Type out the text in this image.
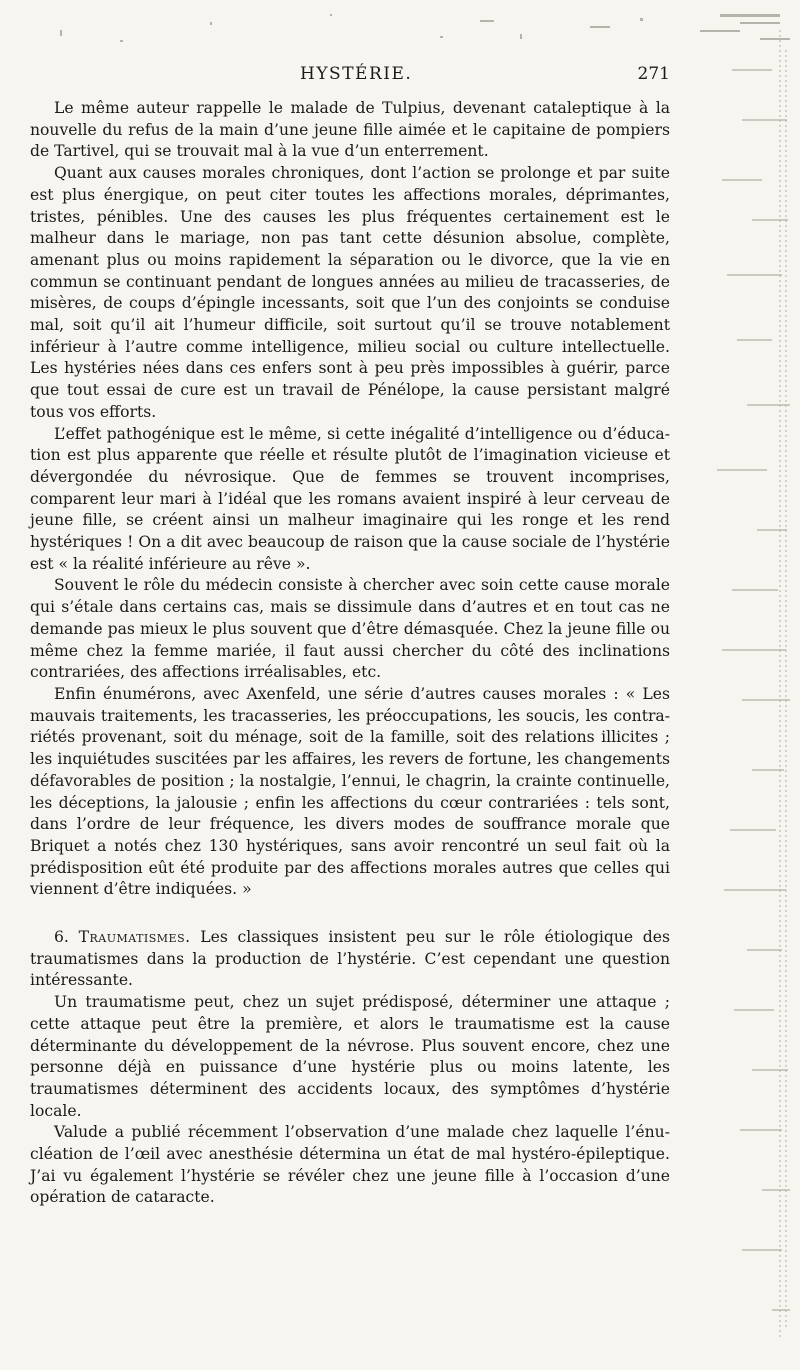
HYSTÉRIE.	271

Le même auteur rappelle le malade de Tulpius, devenant cataleptique à la nouvelle du refus de la main d’une jeune fille aimée et le capitaine de pompiers de Tartivel, qui se trouvait mal à la vue d’un enterrement.

Quant aux causes morales chroniques, dont l’action se prolonge et par suite est plus énergique, on peut citer toutes les affections morales, déprimantes, tristes, pénibles. Une des causes les plus fréquentes certainement est le malheur dans le mariage, non pas tant cette désunion absolue, complète, amenant plus ou moins rapidement la séparation ou le divorce, que la vie en commun se continuant pendant de longues années au milieu de tracasseries, de misères, de coups d’épingle incessants, soit que l’un des conjoints se conduise mal, soit qu’il ait l’humeur difficile, soit surtout qu’il se trouve notablement inférieur à l’autre comme intelligence, milieu social ou culture intellectuelle. Les hystéries nées dans ces enfers sont à peu près impossibles à guérir, parce que tout essai de cure est un travail de Pénélope, la cause persistant malgré tous vos efforts.

L’effet pathogénique est le même, si cette inégalité d’intelligence ou d’éducation est plus apparente que réelle et résulte plutôt de l’imagination vicieuse et dévergondée du névrosique. Que de femmes se trouvent incomprises, comparent leur mari à l’idéal que les romans avaient inspiré à leur cerveau de jeune fille, se créent ainsi un malheur imaginaire qui les ronge et les rend hystériques ! On a dit avec beaucoup de raison que la cause sociale de l’hystérie est « la réalité inférieure au rêve ».

Souvent le rôle du médecin consiste à chercher avec soin cette cause morale qui s’étale dans certains cas, mais se dissimule dans d’autres et en tout cas ne demande pas mieux le plus souvent que d’être démasquée. Chez la jeune fille ou même chez la femme mariée, il faut aussi chercher du côté des inclinations contrariées, des affections irréalisables, etc.

Enfin énumérons, avec Axenfeld, une série d’autres causes morales : « Les mauvais traitements, les tracasseries, les préoccupations, les soucis, les contrariétés provenant, soit du ménage, soit de la famille, soit des relations illicites ; les inquiétudes suscitées par les affaires, les revers de fortune, les changements défavorables de position ; la nostalgie, l’ennui, le chagrin, la crainte continuelle, les déceptions, la jalousie ; enfin les affections du cœur contrariées : tels sont, dans l’ordre de leur fréquence, les divers modes de souffrance morale que Briquet a notés chez 130 hystériques, sans avoir rencontré un seul fait où la prédisposition eût été produite par des affections morales autres que celles qui viennent d’être indiquées. »

6. Traumatismes. Les classiques insistent peu sur le rôle étiologique des traumatismes dans la production de l’hystérie. C’est cependant une question intéressante.

Un traumatisme peut, chez un sujet prédisposé, déterminer une attaque ; cette attaque peut être la première, et alors le traumatisme est la cause déterminante du développement de la névrose. Plus souvent encore, chez une personne déjà en puissance d’une hystérie plus ou moins latente, les traumatismes déterminent des accidents locaux, des symptômes d’hystérie locale.

Valude a publié récemment l’observation d’une malade chez laquelle l’énucléation de l’œil avec anesthésie détermina un état de mal hystéro-épileptique. J’ai vu également l’hystérie se révéler chez une jeune fille à l’occasion d’une opération de cataracte.
